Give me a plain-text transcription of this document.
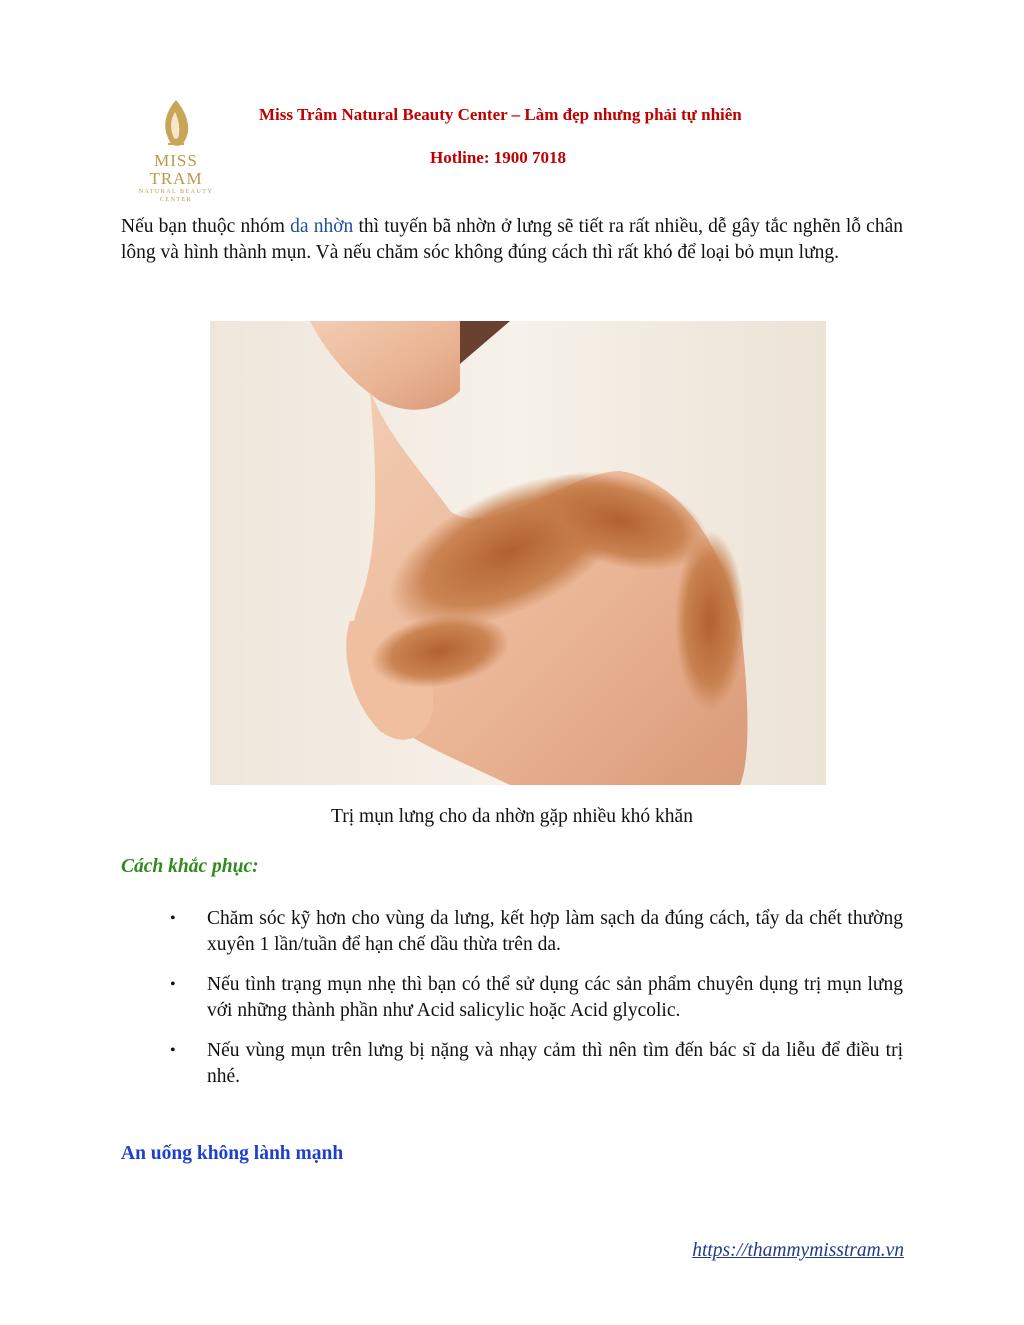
MISS TRAM
NATURAL BEAUTY CENTER
Miss Trâm Natural Beauty Center – Làm đẹp nhưng phải tự nhiên
Hotline: 1900 7018

Nếu bạn thuộc nhóm da nhờn thì tuyến bã nhờn ở lưng sẽ tiết ra rất nhiều, dễ gây tắc nghẽn lỗ chân lông và hình thành mụn. Và nếu chăm sóc không đúng cách thì rất khó để loại bỏ mụn lưng.

Trị mụn lưng cho da nhờn gặp nhiều khó khăn
Cách khắc phục:
• Chăm sóc kỹ hơn cho vùng da lưng, kết hợp làm sạch da đúng cách, tẩy da chết thường xuyên 1 lần/tuần để hạn chế dầu thừa trên da.
• Nếu tình trạng mụn nhẹ thì bạn có thể sử dụng các sản phẩm chuyên dụng trị mụn lưng với những thành phần như Acid salicylic hoặc Acid glycolic.
• Nếu vùng mụn trên lưng bị nặng và nhạy cảm thì nên tìm đến bác sĩ da liễu để điều trị nhé.
An uống không lành mạnh
https://thammymisstram.vn
